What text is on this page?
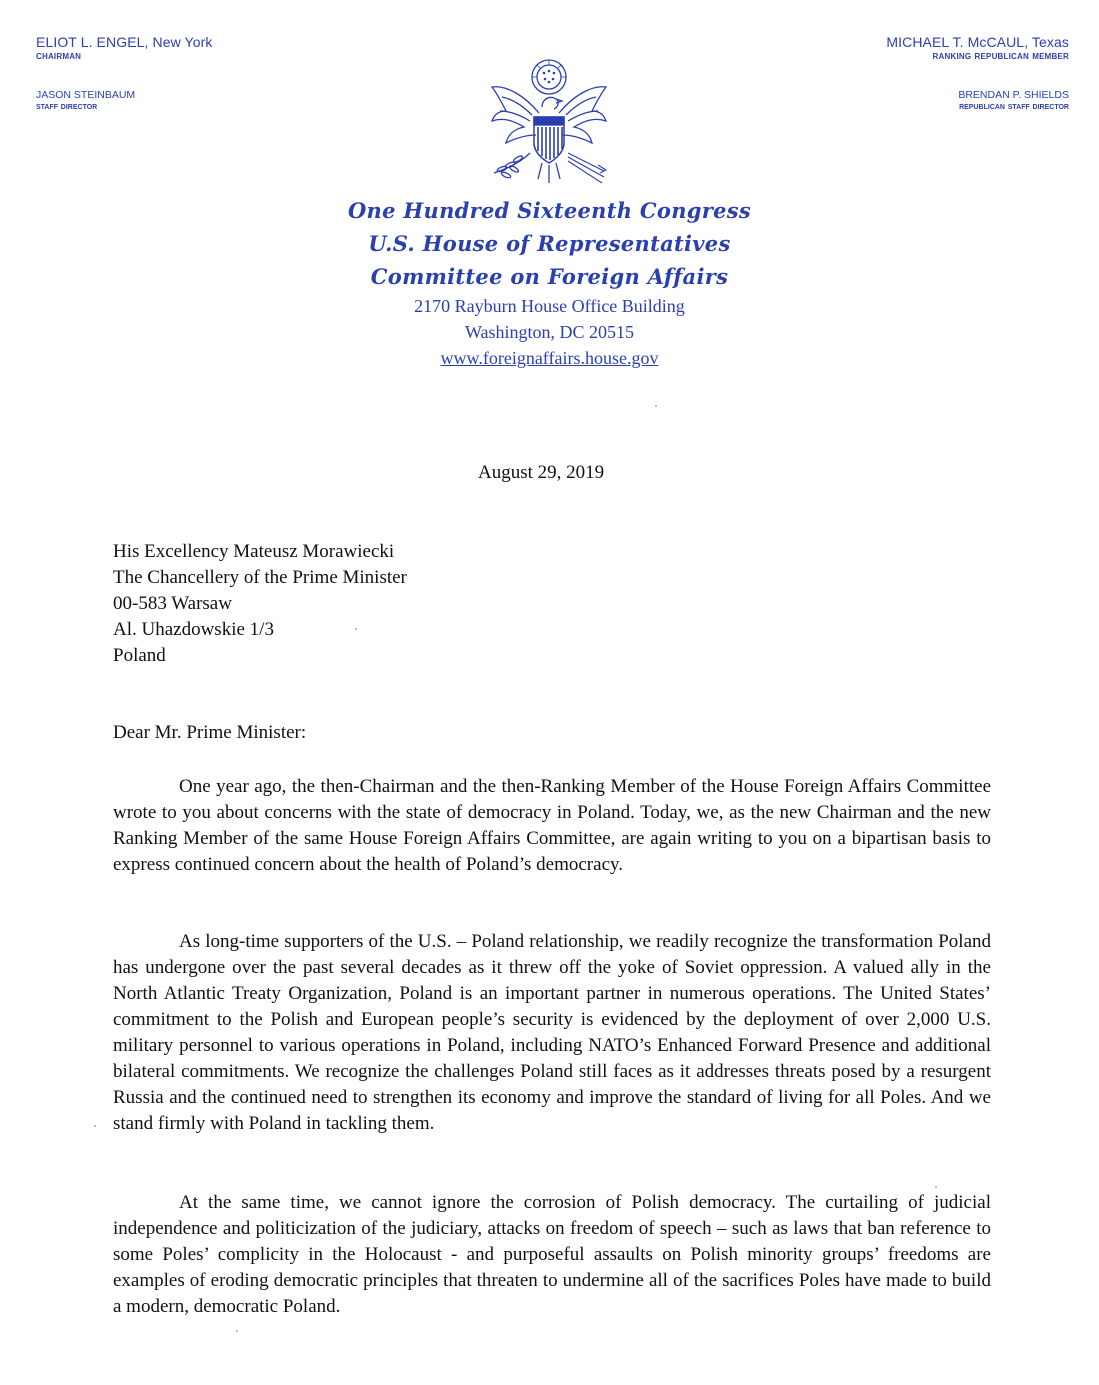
ELIOT L. ENGEL, New York
chairman
JASON STEINBAUM
staff director
MICHAEL T. McCAUL, Texas
ranking republican member
BRENDAN P. SHIELDS
republican staff director
One Hundred Sixteenth Congress
U.S. House of Representatives
Committee on Foreign Affairs
2170 Rayburn House Office Building
Washington, DC 20515
www.foreignaffairs.house.gov
August 29, 2019
His Excellency Mateusz Morawiecki
The Chancellery of the Prime Minister
00-583 Warsaw
Al. Uhazdowskie 1/3
Poland
Dear Mr. Prime Minister:

One year ago, the then-Chairman and the then-Ranking Member of the House Foreign Affairs Committee wrote to you about concerns with the state of democracy in Poland. Today, we, as the new Chairman and the new Ranking Member of the same House Foreign Affairs Committee, are again writing to you on a bipartisan basis to express continued concern about the health of Poland’s democracy.

As long-time supporters of the U.S. – Poland relationship, we readily recognize the transformation Poland has undergone over the past several decades as it threw off the yoke of Soviet oppression. A valued ally in the North Atlantic Treaty Organization, Poland is an important partner in numerous operations. The United States’ commitment to the Polish and European people’s security is evidenced by the deployment of over 2,000 U.S. military personnel to various operations in Poland, including NATO’s Enhanced Forward Presence and additional bilateral commitments. We recognize the challenges Poland still faces as it addresses threats posed by a resurgent Russia and the continued need to strengthen its economy and improve the standard of living for all Poles. And we stand firmly with Poland in tackling them.

At the same time, we cannot ignore the corrosion of Polish democracy. The curtailing of judicial independence and politicization of the judiciary, attacks on freedom of speech – such as laws that ban reference to some Poles’ complicity in the Holocaust - and purposeful assaults on Polish minority groups’ freedoms are examples of eroding democratic principles that threaten to undermine all of the sacrifices Poles have made to build a modern, democratic Poland.
